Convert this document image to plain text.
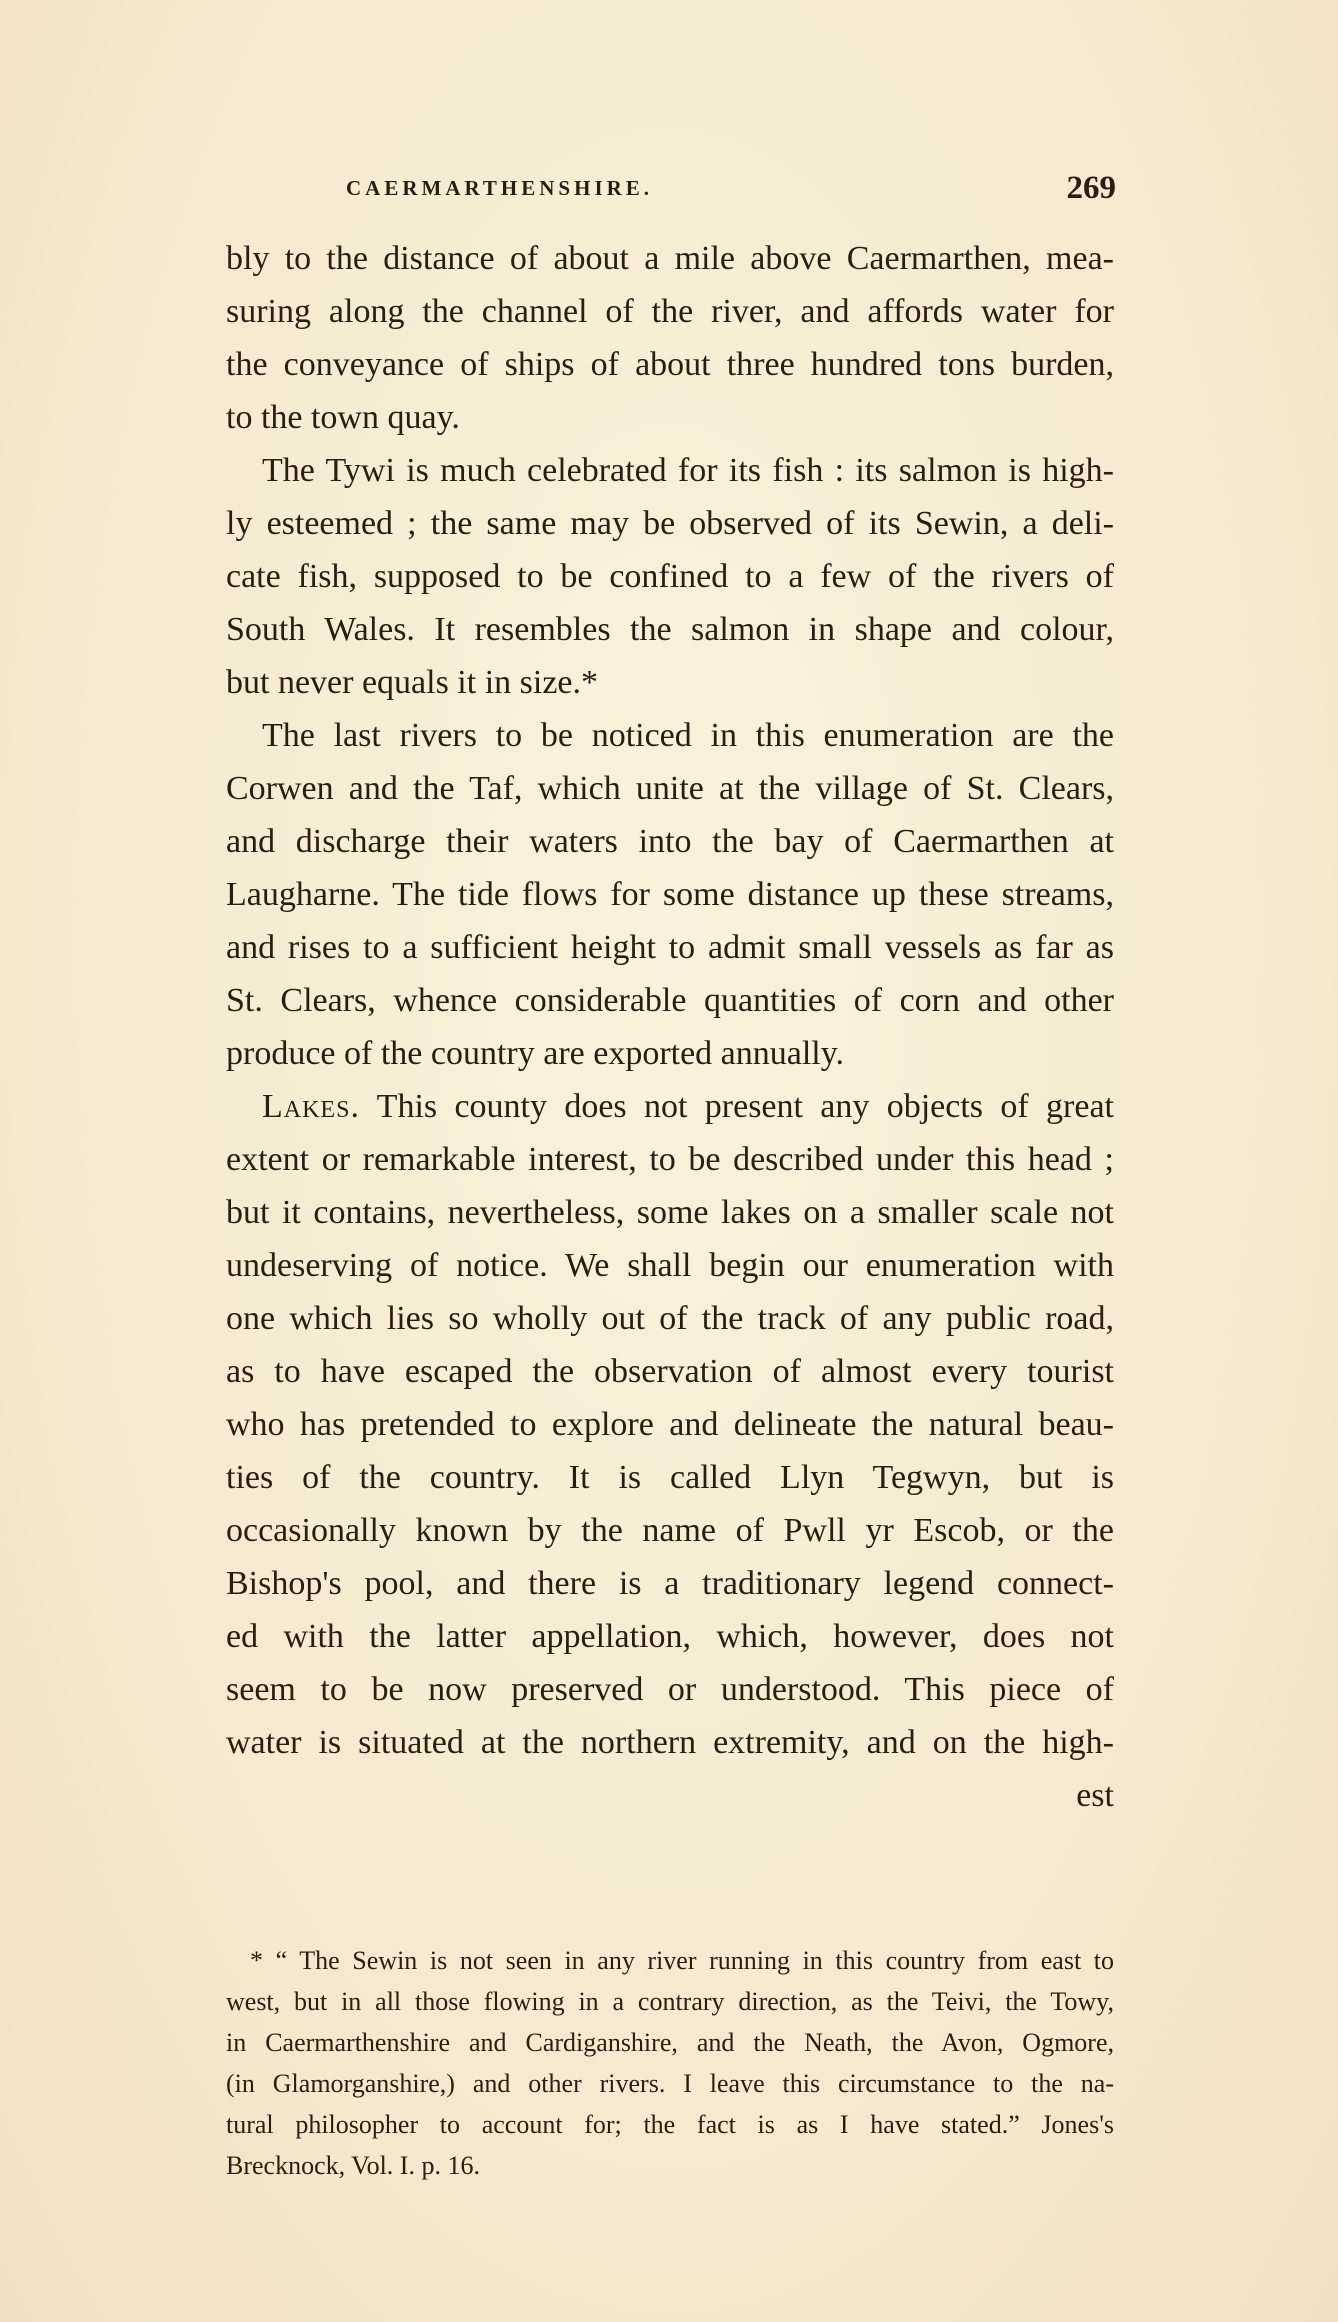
CAERMARTHENSHIRE.	269
bly to the distance of about a mile above Caermarthen, mea-
suring along the channel of the river, and affords water for
the conveyance of ships of about three hundred tons burden,
to the town quay.
The Tywi is much celebrated for its fish : its salmon is high-
ly esteemed ; the same may be observed of its Sewin, a deli-
cate fish, supposed to be confined to a few of the rivers of
South Wales. It resembles the salmon in shape and colour,
but never equals it in size.*
The last rivers to be noticed in this enumeration are the
Corwen and the Taf, which unite at the village of St. Clears,
and discharge their waters into the bay of Caermarthen at
Laugharne. The tide flows for some distance up these streams,
and rises to a sufficient height to admit small vessels as far as
St. Clears, whence considerable quantities of corn and other
produce of the country are exported annually.
Lakes. This county does not present any objects of great
extent or remarkable interest, to be described under this head ;
but it contains, nevertheless, some lakes on a smaller scale not
undeserving of notice. We shall begin our enumeration with
one which lies so wholly out of the track of any public road,
as to have escaped the observation of almost every tourist
who has pretended to explore and delineate the natural beau-
ties of the country. It is called Llyn Tegwyn, but is
occasionally known by the name of Pwll yr Escob, or the
Bishop's pool, and there is a traditionary legend connect-
ed with the latter appellation, which, however, does not
seem to be now preserved or understood. This piece of
water is situated at the northern extremity, and on the high-
est
* “ The Sewin is not seen in any river running in this country from east to
west, but in all those flowing in a contrary direction, as the Teivi, the Towy,
in Caermarthenshire and Cardiganshire, and the Neath, the Avon, Ogmore,
(in Glamorganshire,) and other rivers. I leave this circumstance to the na-
tural philosopher to account for; the fact is as I have stated.” Jones's
Brecknock, Vol. I. p. 16.
